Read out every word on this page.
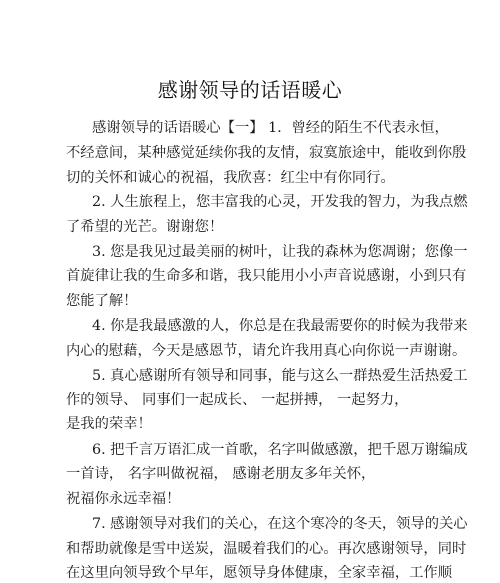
感谢领导的话语暖心
感谢领导的话语暖心【一】 1．曾经的陌生不代表永恒，
不经意间，某种感觉延续你我的友情，寂寞旅途中，能收到你殷
切的关怀和诚心的祝福，我欣喜：红尘中有你同行。
2. 人生旅程上，您丰富我的心灵，开发我的智力，为我点燃
了希望的光芒。谢谢您！
3. 您是我见过最美丽的树叶，让我的森林为您凋谢；您像一
首旋律让我的生命多和谐，我只能用小小声音说感谢，小到只有
您能了解！
4. 你是我最感激的人，你总是在我最需要你的时候为我带来
内心的慰藉，今天是感恩节，请允许我用真心向你说一声谢谢。
5. 真心感谢所有领导和同事，能与这么一群热爱生活热爱工
作的领导、 同事们一起成长、 一起拼搏， 一起努力，
是我的荣幸！
6. 把千言万语汇成一首歌，名字叫做感激，把千恩万谢编成
一首诗， 名字叫做祝福， 感谢老朋友多年关怀，
祝福你永远幸福！
7. 感谢领导对我们的关心，在这个寒冷的冬天，领导的关心
和帮助就像是雪中送炭，温暖着我们的心。再次感谢领导，同时
在这里向领导致个早年，愿领导身体健康，全家幸福，工作顺
